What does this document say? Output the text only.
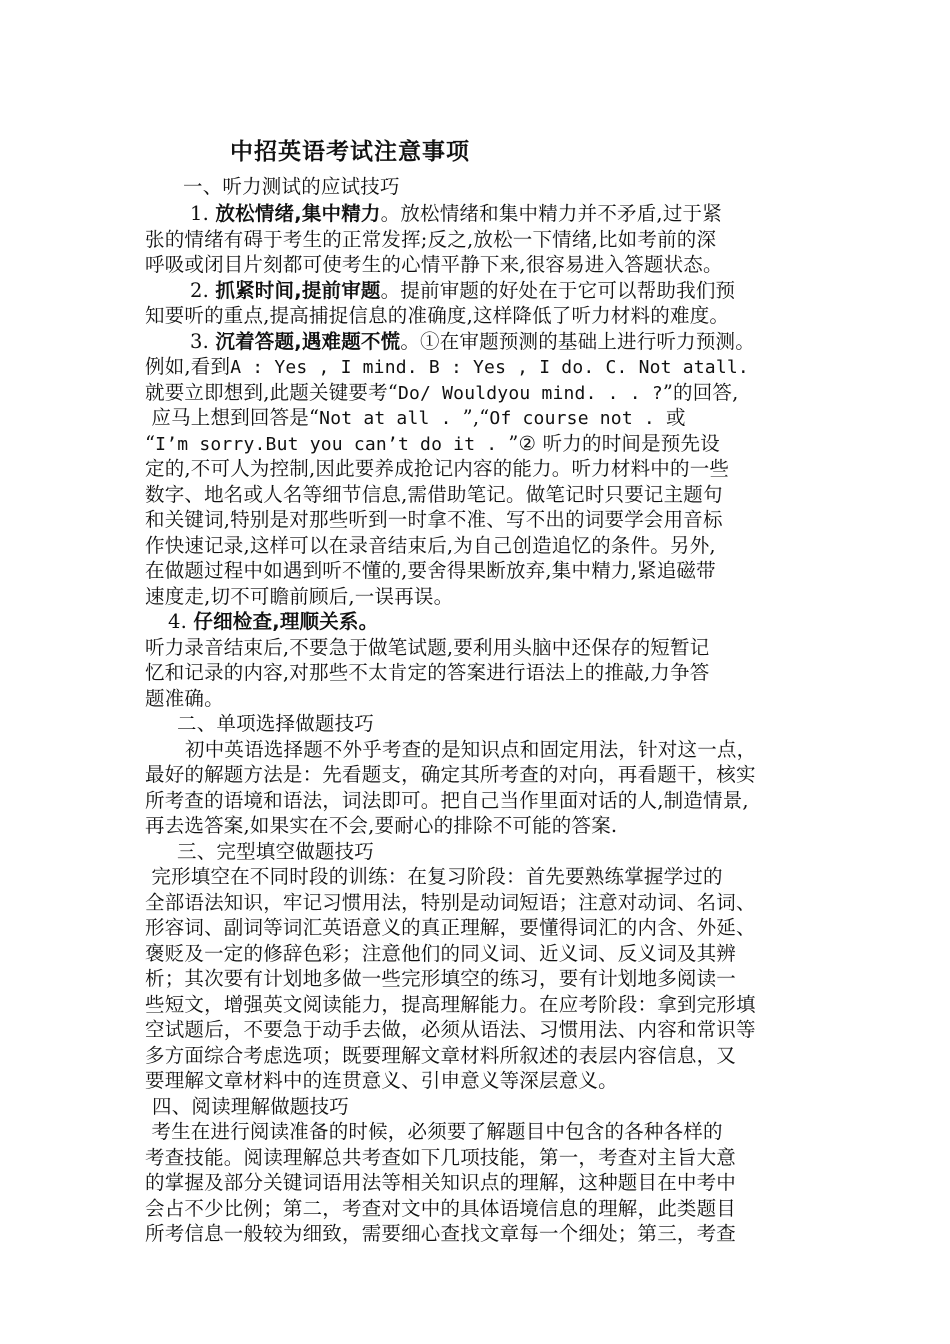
中招英语考试注意事项
一、听力测试的应试技巧
1. 放松情绪,集中精力。放松情绪和集中精力并不矛盾,过于紧
张的情绪有碍于考生的正常发挥;反之,放松一下情绪,比如考前的深
呼吸或闭目片刻都可使考生的心情平静下来,很容易进入答题状态。
2. 抓紧时间,提前审题。提前审题的好处在于它可以帮助我们预
知要听的重点,提高捕捉信息的准确度,这样降低了听力材料的难度。
3. 沉着答题,遇难题不慌。①在审题预测的基础上进行听力预测。
例如,看到A : Yes , I mind. B : Yes , I do. C. Not atall.
就要立即想到,此题关键要考“Do/ Wouldyou mind. . . ?”的回答,
应马上想到回答是“Not at all . ”,“Of course not . 或
“I’m sorry.But you can’t do it . ”② 听力的时间是预先设
定的,不可人为控制,因此要养成抢记内容的能力。听力材料中的一些
数字、地名或人名等细节信息,需借助笔记。做笔记时只要记主题句
和关键词,特别是对那些听到一时拿不准、写不出的词要学会用音标
作快速记录,这样可以在录音结束后,为自己创造追忆的条件。另外,
在做题过程中如遇到听不懂的,要舍得果断放弃,集中精力,紧追磁带
速度走,切不可瞻前顾后,一误再误。
4. 仔细检查,理顺关系。
听力录音结束后,不要急于做笔试题,要利用头脑中还保存的短暂记
忆和记录的内容,对那些不太肯定的答案进行语法上的推敲,力争答
题准确。
二、单项选择做题技巧
初中英语选择题不外乎考查的是知识点和固定用法，针对这一点，
最好的解题方法是：先看题支，确定其所考查的对向，再看题干，核实
所考查的语境和语法，词法即可。把自己当作里面对话的人,制造情景,
再去选答案,如果实在不会,要耐心的排除不可能的答案.
三、完型填空做题技巧
完形填空在不同时段的训练：在复习阶段：首先要熟练掌握学过的
全部语法知识，牢记习惯用法，特别是动词短语；注意对动词、名词、
形容词、副词等词汇英语意义的真正理解，要懂得词汇的内含、外延、
褒贬及一定的修辞色彩；注意他们的同义词、近义词、反义词及其辨
析；其次要有计划地多做一些完形填空的练习，要有计划地多阅读一
些短文，增强英文阅读能力，提高理解能力。在应考阶段：拿到完形填
空试题后，不要急于动手去做，必须从语法、习惯用法、内容和常识等
多方面综合考虑选项；既要理解文章材料所叙述的表层内容信息，又
要理解文章材料中的连贯意义、引申意义等深层意义。
四、阅读理解做题技巧
考生在进行阅读准备的时候，必须要了解题目中包含的各种各样的
考查技能。阅读理解总共考查如下几项技能，第一，考查对主旨大意
的掌握及部分关键词语用法等相关知识点的理解，这种题目在中考中
会占不少比例；第二，考查对文中的具体语境信息的理解，此类题目
所考信息一般较为细致，需要细心查找文章每一个细处；第三，考查
